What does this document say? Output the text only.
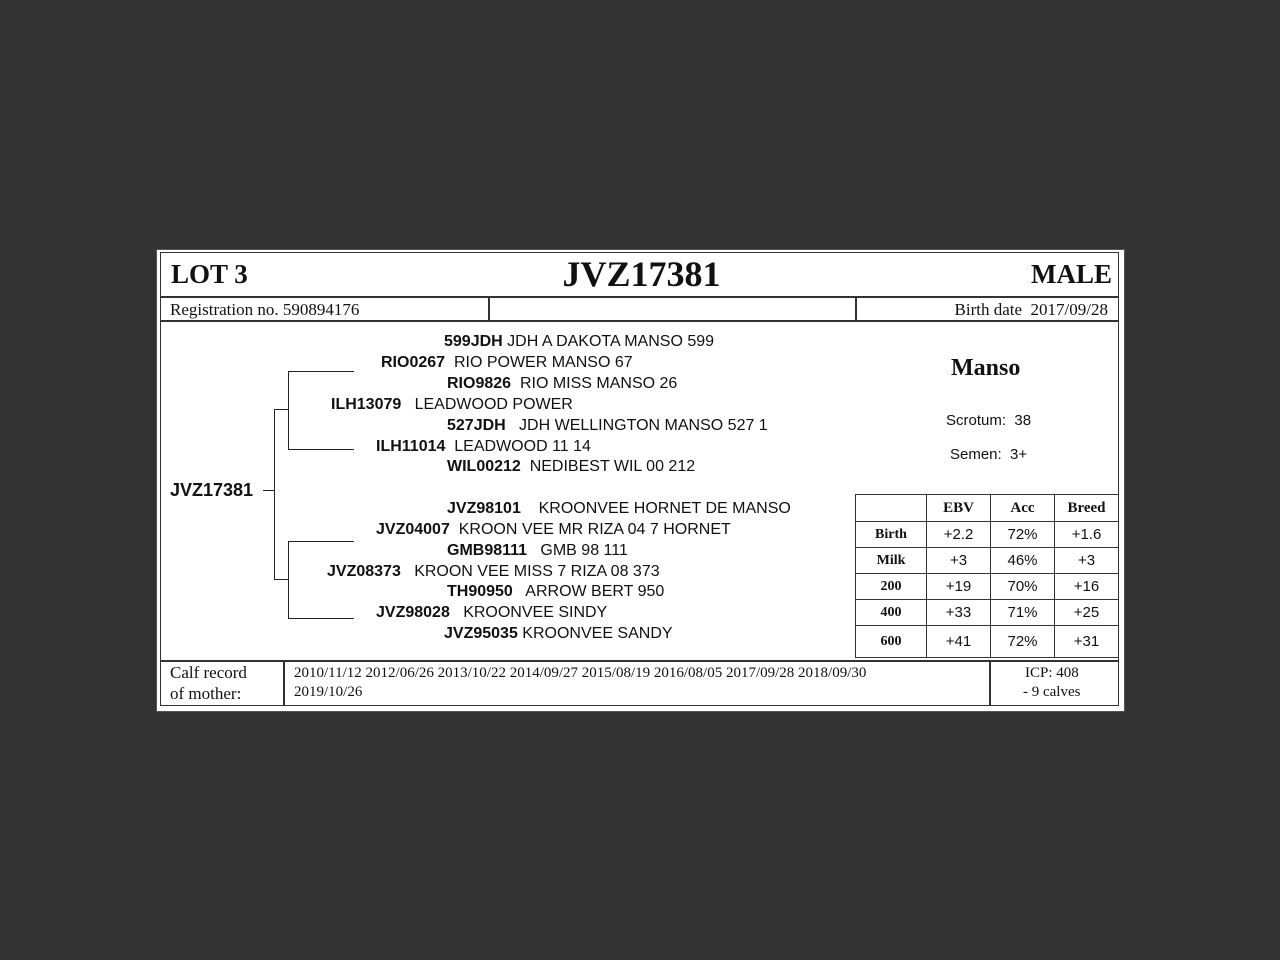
LOT 3	JVZ17381	MALE
Registration no. 590894176	Birth date 2017/09/28
JVZ17381
599JDH JDH A DAKOTA MANSO 599
RIO0267 RIO POWER MANSO 67
RIO9826 RIO MISS MANSO 26
ILH13079 LEADWOOD POWER
527JDH JDH WELLINGTON MANSO 527 1
ILH11014 LEADWOOD 11 14
WIL00212 NEDIBEST WIL 00 212
JVZ98101 KROONVEE HORNET DE MANSO
JVZ04007 KROON VEE MR RIZA 04 7 HORNET
GMB98111 GMB 98 111
JVZ08373 KROON VEE MISS 7 RIZA 08 373
TH90950 ARROW BERT 950
JVZ98028 KROONVEE SINDY
JVZ95035 KROONVEE SANDY
Manso
Scrotum: 38
Semen: 3+
	EBV	Acc	Breed
Birth	+2.2	72%	+1.6
Milk	+3	46%	+3
200	+19	70%	+16
400	+33	71%	+25
600	+41	72%	+31
Calf record
of mother:
2010/11/12 2012/06/26 2013/10/22 2014/09/27 2015/08/19 2016/08/05 2017/09/28 2018/09/30
2019/10/26
ICP: 408
- 9 calves
